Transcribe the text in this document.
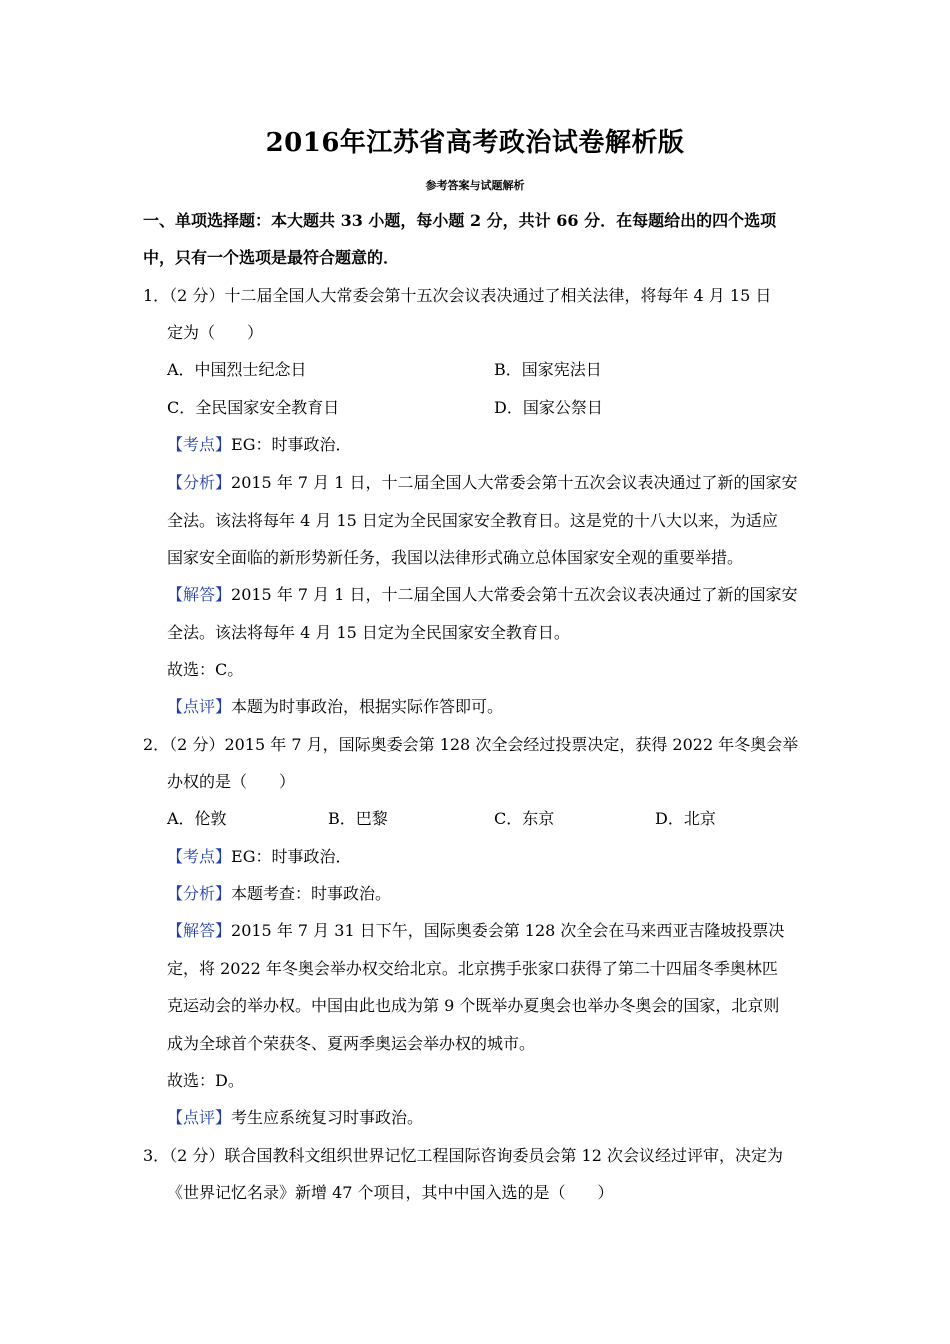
2016年江苏省高考政治试卷解析版
参考答案与试题解析
一、单项选择题：本大题共 33 小题，每小题 2 分，共计 66 分．在每题给出的四个选项
中，只有一个选项是最符合题意的．
1．（2 分）十二届全国人大常委会第十五次会议表决通过了相关法律，将每年 4 月 15 日
定为（　　）
A．中国烈士纪念日	B．国家宪法日
C．全民国家安全教育日	D．国家公祭日
【考点】EG：时事政治．
【分析】2015 年 7 月 1 日，十二届全国人大常委会第十五次会议表决通过了新的国家安
全法。该法将每年 4 月 15 日定为全民国家安全教育日。这是党的十八大以来，为适应
国家安全面临的新形势新任务，我国以法律形式确立总体国家安全观的重要举措。
【解答】2015 年 7 月 1 日，十二届全国人大常委会第十五次会议表决通过了新的国家安
全法。该法将每年 4 月 15 日定为全民国家安全教育日。
故选：C。
【点评】本题为时事政治，根据实际作答即可。
2．（2 分）2015 年 7 月，国际奥委会第 128 次全会经过投票决定，获得 2022 年冬奥会举
办权的是（　　）
A．伦敦	B．巴黎	C．东京	D．北京
【考点】EG：时事政治．
【分析】本题考查：时事政治。
【解答】2015 年 7 月 31 日下午，国际奥委会第 128 次全会在马来西亚吉隆坡投票决
定，将 2022 年冬奥会举办权交给北京。北京携手张家口获得了第二十四届冬季奥林匹
克运动会的举办权。中国由此也成为第 9 个既举办夏奥会也举办冬奥会的国家，北京则
成为全球首个荣获冬、夏两季奥运会举办权的城市。
故选：D。
【点评】考生应系统复习时事政治。
3．（2 分）联合国教科文组织世界记忆工程国际咨询委员会第 12 次会议经过评审，决定为
《世界记忆名录》新增 47 个项目，其中中国入选的是（　　）
